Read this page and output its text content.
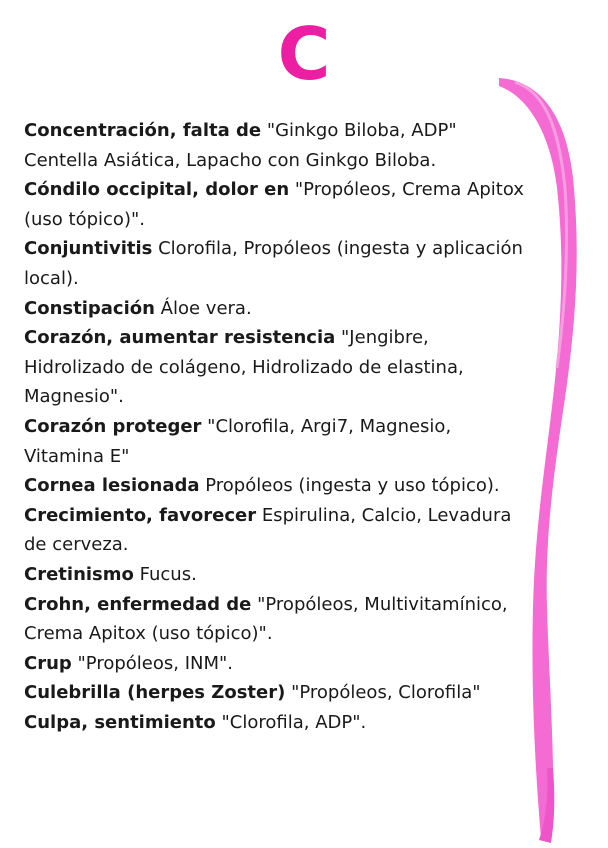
C

Concentración, falta de "Ginkgo Biloba, ADP" Centella Asiática, Lapacho con Ginkgo Biloba.

Cóndilo occipital, dolor en "Propóleos, Crema Apitox (uso tópico)".

Conjuntivitis Clorofila, Propóleos (ingesta y aplicación local).

Constipación Áloe vera.

Corazón, aumentar resistencia "Jengibre, Hidrolizado de colágeno, Hidrolizado de elastina, Magnesio".

Corazón proteger "Clorofila, Argi7, Magnesio, Vitamina E"

Cornea lesionada Propóleos (ingesta y uso tópico).

Crecimiento, favorecer Espirulina, Calcio, Levadura de cerveza.

Cretinismo Fucus.

Crohn, enfermedad de "Propóleos, Multivitamínico, Crema Apitox (uso tópico)".

Crup "Propóleos, INM".

Culebrilla (herpes Zoster) "Propóleos, Clorofila"

Culpa, sentimiento "Clorofila, ADP".
